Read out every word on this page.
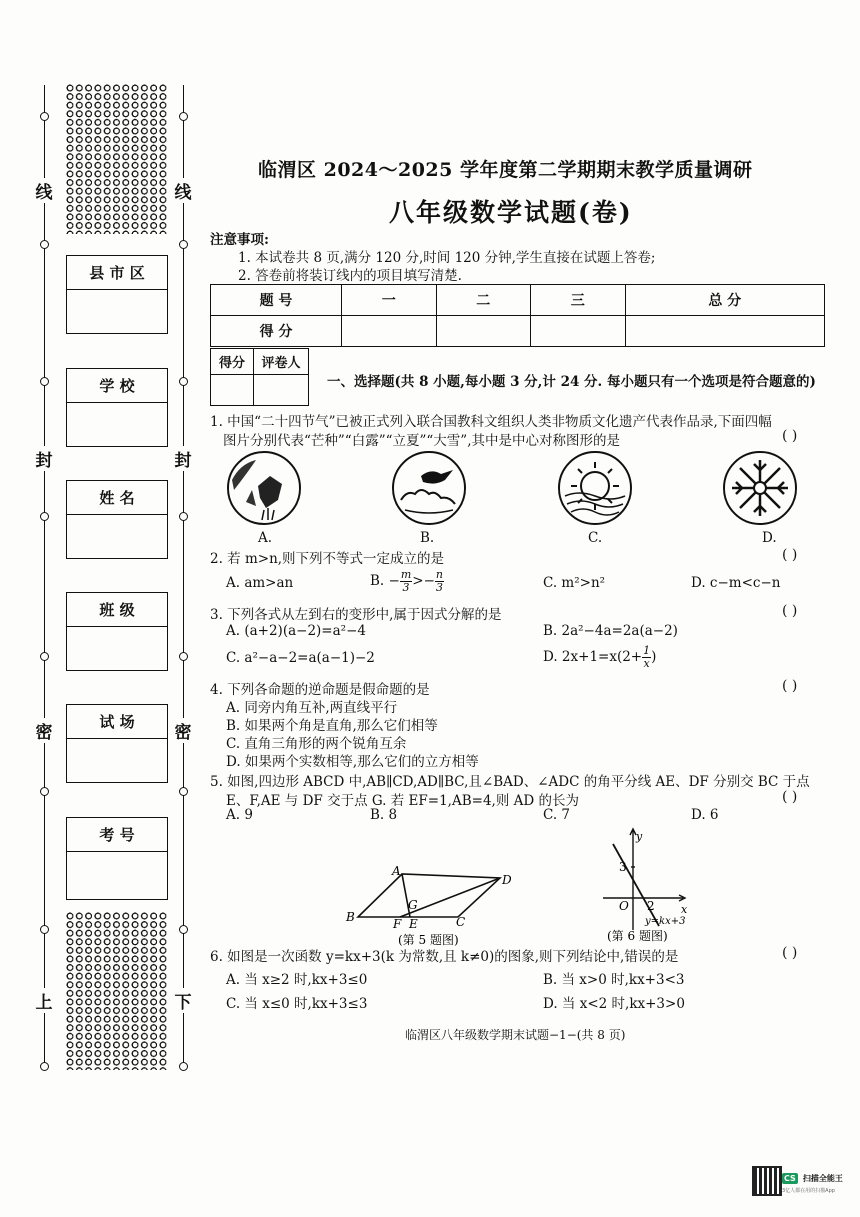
线	线
封	封
密	密
上	下
县 市 区
学 校
姓 名
班 级
试 场
考 号
临渭区 2024～2025 学年度第二学期期末教学质量调研
八年级数学试题(卷)
注意事项:
1. 本试卷共 8 页,满分 120 分,时间 120 分钟,学生直接在试题上答卷;
2. 答卷前将装订线内的项目填写清楚.
题 号	一	二	三	总 分
得 分				
得分	评卷人

一、选择题(共 8 小题,每小题 3 分,计 24 分. 每小题只有一个选项是符合题意的)
1. 中国“二十四节气”已被正式列入联合国教科文组织人类非物质文化遗产代表作品录,下面四幅
图片分别代表“芒种”“白露”“立夏”“大雪”,其中是中心对称图形的是	( )
A.	B.	C.	D.
2. 若 m>n,则下列不等式一定成立的是	( )
A. am>an	B. − $\frac{m}{3} >- \frac{n}{3}$	C. m²>n²	D. c−m<c−n
3. 下列各式从左到右的变形中,属于因式分解的是	( )
A. (a+2)(a−2)=a²−4	B. 2a²−4a=2a(a−2)
C. a²−a−2=a(a−1)−2	D. $2x+1=x(2+ \frac{1}{x}$ )
4. 下列各命题的逆命题是假命题的是	( )
A. 同旁内角互补,两直线平行
B. 如果两个角是直角,那么它们相等
C. 直角三角形的两个锐角互余
D. 如果两个实数相等,那么它们的立方相等
5. 如图,四边形 ABCD 中,AB∥CD,AD∥BC,且∠BAD、∠ADC 的角平分线 AE、DF 分别交 BC 于点
E、F,AE 与 DF 交于点 G. 若 EF=1,AB=4,则 AD 的长为	( )
A. 9	B. 8	C. 7	D. 6
A
B	C
D
E
F
G
(第 5 题图)
y
x
O
3
2
y=kx+3
(第 6 题图)
6. 如图是一次函数 y=kx+3(k 为常数,且 k≠0)的图象,则下列结论中,错误的是	( )
A. 当 x≥2 时,kx+3≤0	B. 当 x>0 时,kx+3<3
C. 当 x≤0 时,kx+3≤3	D. 当 x<2 时,kx+3>0
临渭区八年级数学期末试题−1−(共 8 页)
CS 扫描全能王
3亿人都在用的扫描App
